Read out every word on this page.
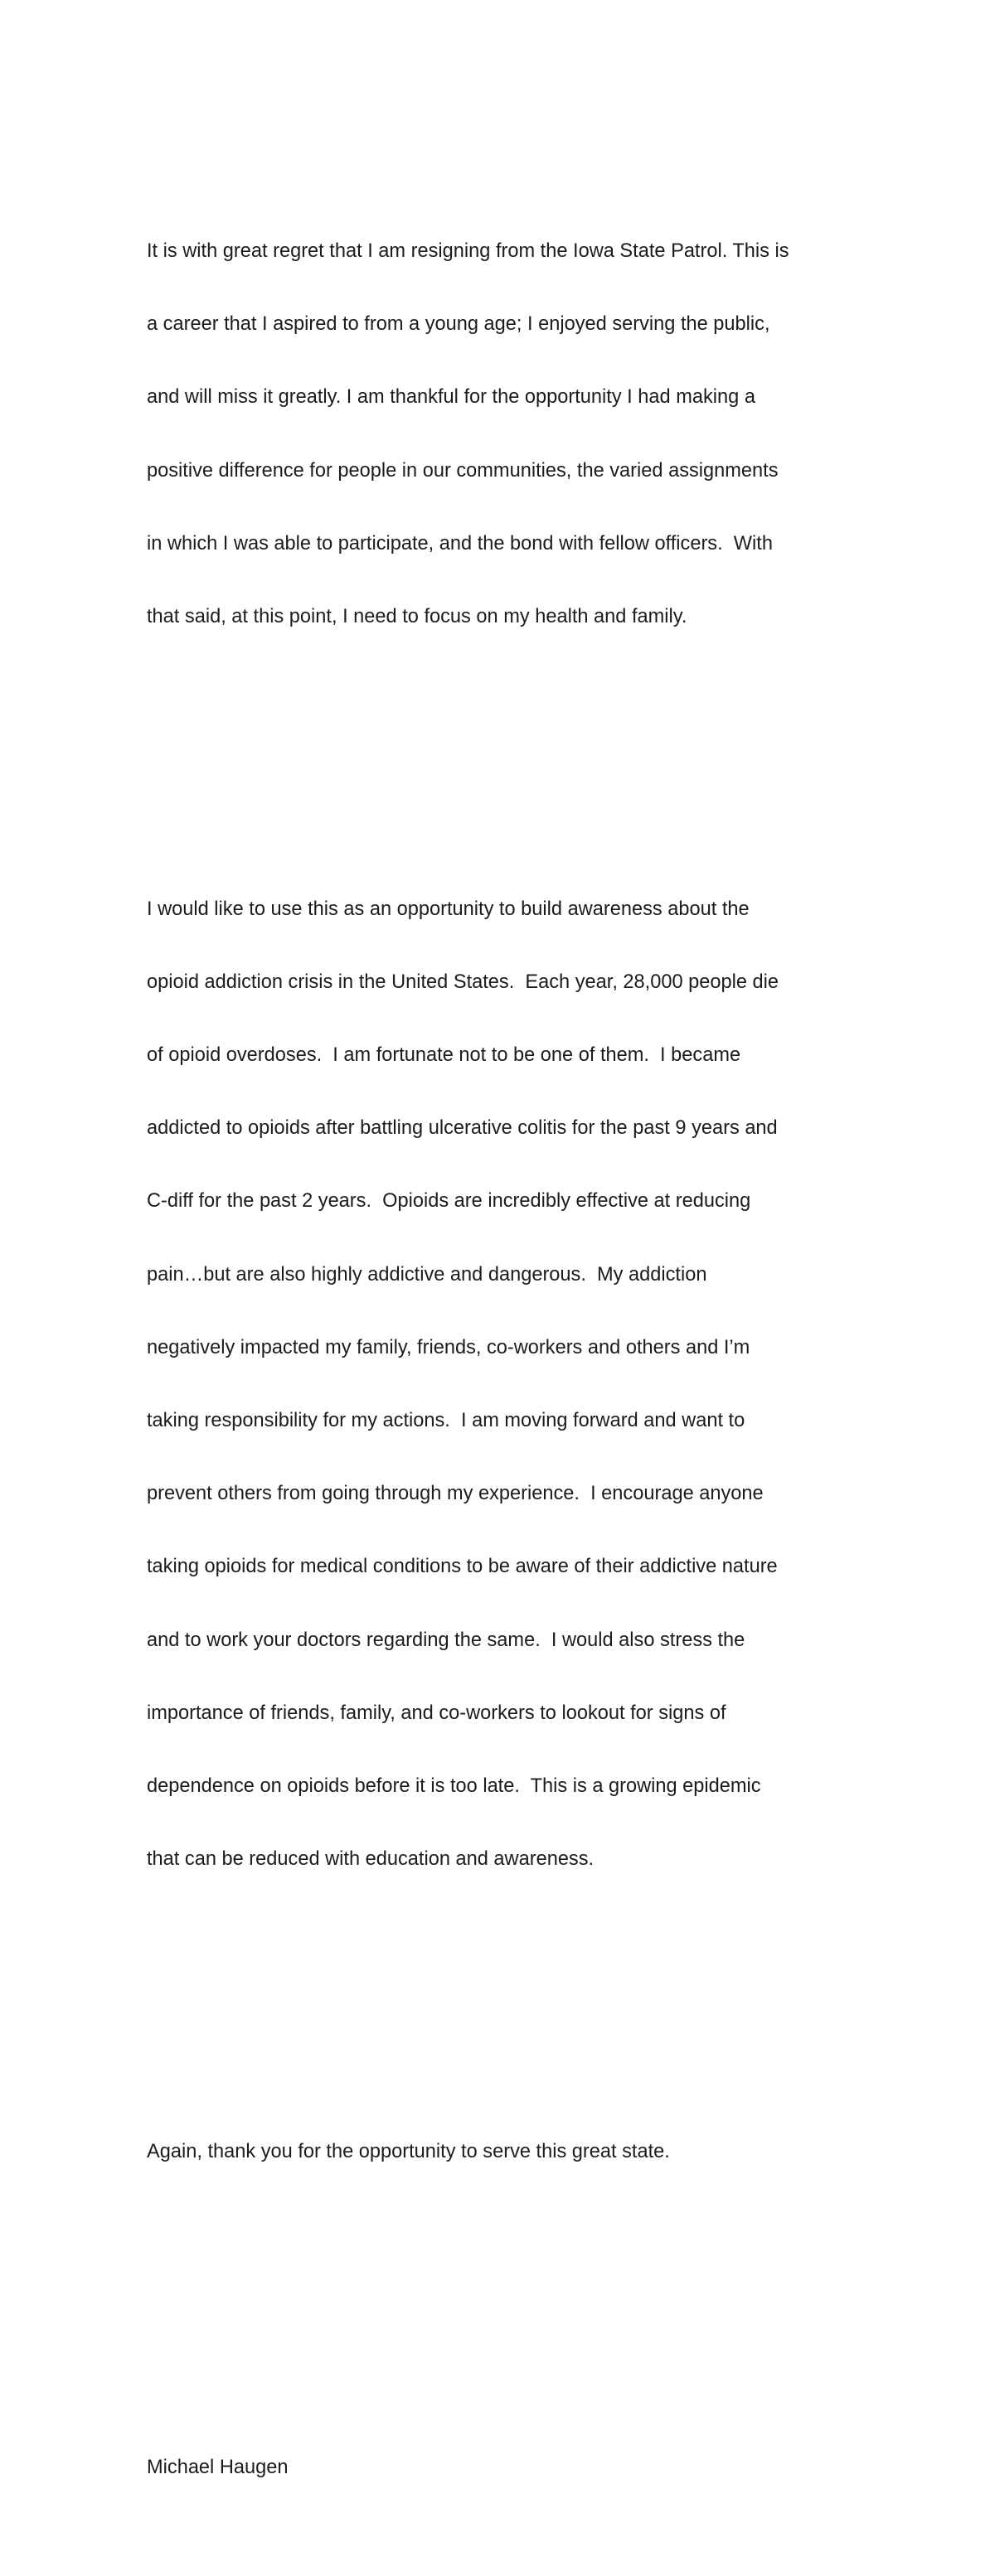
It is with great regret that I am resigning from the Iowa State Patrol. This is

a career that I aspired to from a young age; I enjoyed serving the public,

and will miss it greatly. I am thankful for the opportunity I had making a

positive difference for people in our communities, the varied assignments

in which I was able to participate, and the bond with fellow officers.  With

that said, at this point, I need to focus on my health and family.

I would like to use this as an opportunity to build awareness about the

opioid addiction crisis in the United States.  Each year, 28,000 people die

of opioid overdoses.  I am fortunate not to be one of them.  I became

addicted to opioids after battling ulcerative colitis for the past 9 years and

C-diff for the past 2 years.  Opioids are incredibly effective at reducing

pain…but are also highly addictive and dangerous.  My addiction

negatively impacted my family, friends, co-workers and others and I’m

taking responsibility for my actions.  I am moving forward and want to

prevent others from going through my experience.  I encourage anyone

taking opioids for medical conditions to be aware of their addictive nature

and to work your doctors regarding the same.  I would also stress the

importance of friends, family, and co-workers to lookout for signs of

dependence on opioids before it is too late.  This is a growing epidemic

that can be reduced with education and awareness.

Again, thank you for the opportunity to serve this great state.

Michael Haugen
